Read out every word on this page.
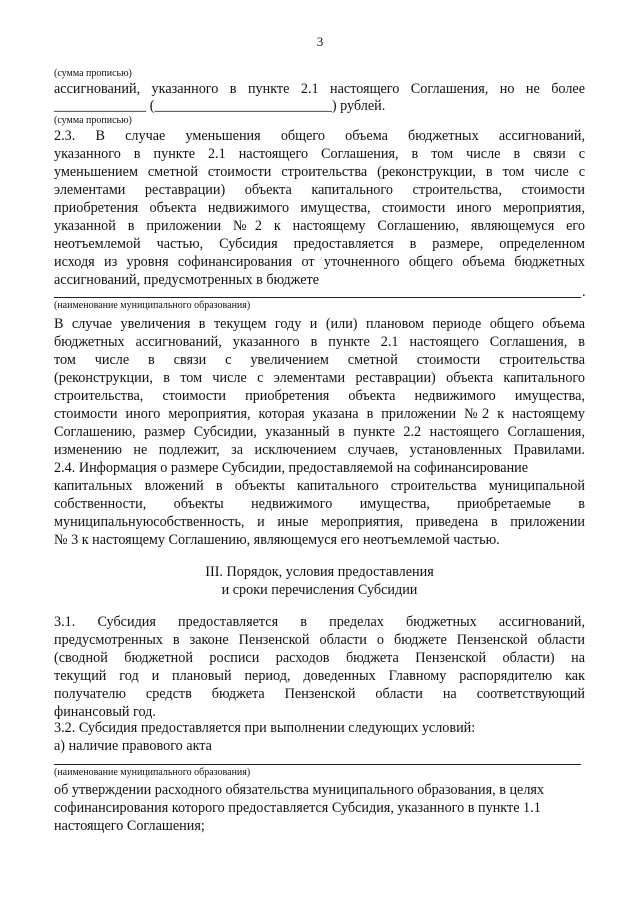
3
(сумма прописью)
ассигнований, указанного в пункте 2.1 настоящего Соглашения, но не более
_____________ (_________________________) рублей.
(сумма прописью)
2.3. В случае уменьшения общего объема бюджетных ассигнований,
указанного в пункте 2.1 настоящего Соглашения, в том числе в связи с
уменьшением сметной стоимости строительства (реконструкции, в том числе с
элементами реставрации) объекта капитального строительства, стоимости
приобретения объекта недвижимого имущества, стоимости иного мероприятия,
указанной в приложении №2 к настоящему Соглашению, являющемуся его
неотъемлемой частью, Субсидия предоставляется в размере, определенном
исходя из уровня софинансирования от уточненного общего объема бюджетных
ассигнований, предусмотренных в бюджете
.
(наименование муниципального образования)
В случае увеличения в текущем году и (или) плановом периоде общего объема
бюджетных ассигнований, указанного в пункте 2.1 настоящего Соглашения, в
том числе в связи с увеличением сметной стоимости строительства
(реконструкции, в том числе с элементами реставрации) объекта капитального
строительства, стоимости приобретения объекта недвижимого имущества,
стоимости иного мероприятия, которая указана в приложении №2 к настоящему
Соглашению, размер Субсидии, указанный в пункте 2.2 настоящего Соглашения,
изменению не подлежит, за исключением случаев, установленных Правилами.
2.4. Информация о размере Субсидии, предоставляемой на софинансирование
капитальных вложений в объекты капитального строительства муниципальной
собственности, объекты недвижимого имущества, приобретаемые в
муниципальнуюсобственность, и иные мероприятия, приведена в приложении
№ 3 к настоящему Соглашению, являющемуся его неотъемлемой частью.
III. Порядок, условия предоставления
и сроки перечисления Субсидии
3.1. Субсидия предоставляется в пределах бюджетных ассигнований,
предусмотренных в законе Пензенской области о бюджете Пензенской области
(сводной бюджетной росписи расходов бюджета Пензенской области) на
текущий год и плановый период, доведенных Главному распорядителю как
получателю средств бюджета Пензенской области на соответствующий
финансовый год.
3.2. Субсидия предоставляется при выполнении следующих условий:
а) наличие правового акта
(наименование муниципального образования)
об утверждении расходного обязательства муниципального образования, в целях
софинансирования которого предоставляется Субсидия, указанного в пункте 1.1
настоящего Соглашения;
